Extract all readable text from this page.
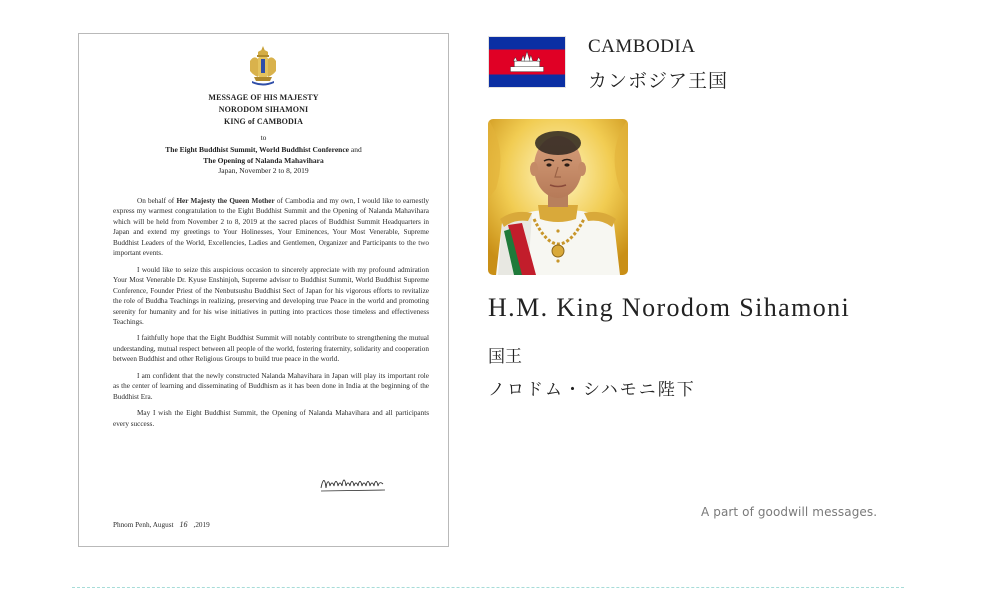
MESSAGE OF HIS MAJESTY
NORODOM SIHAMONI
KING of CAMBODIA
to
The Eight Buddhist Summit, World Buddhist Conference and
The Opening of Nalanda Mahavihara
Japan, November 2 to 8, 2019

On behalf of Her Majesty the Queen Mother of Cambodia and my own, I would like to earnestly express my warmest congratulation to the Eight Buddhist Summit and the Opening of Nalanda Mahavihara which will be held from November 2 to 8, 2019 at the sacred places of Buddhist Summit Headquarters in Japan and extend my greetings to Your Holinesses, Your Eminences, Your Most Venerable, Supreme Buddhist Leaders of the World, Excellencies, Ladies and Gentlemen, Organizer and Participants to the two important events.

I would like to seize this auspicious occasion to sincerely appreciate with my profound admiration Your Most Venerable Dr. Kyuse Enshinjoh, Supreme advisor to Buddhist Summit, World Buddhist Supreme Conference, Founder Priest of the Nenbutsushu Buddhist Sect of Japan for his vigorous efforts to revitalize the role of Buddha Teachings in realizing, preserving and developing true Peace in the world and promoting serenity for humanity and for his wise initiatives in putting into practices those timeless and effectiveness Teachings.

I faithfully hope that the Eight Buddhist Summit will notably contribute to strengthening the mutual understanding, mutual respect between all people of the world, fostering fraternity, solidarity and cooperation between Buddhist and other Religious Groups to build true peace in the world.

I am confident that the newly constructed Nalanda Mahavihara in Japan will play its important role as the center of learning and disseminating of Buddhism as it has been done in India at the beginning of the Buddhist Era.

May I wish the Eight Buddhist Summit, the Opening of Nalanda Mahavihara and all participants every success.

Phnom Penh, August 16 ,2019
CAMBODIA
カンボジア王国
H.M. King Norodom Sihamoni
国王
ノロドム・シハモニ陛下
A part of goodwill messages.
